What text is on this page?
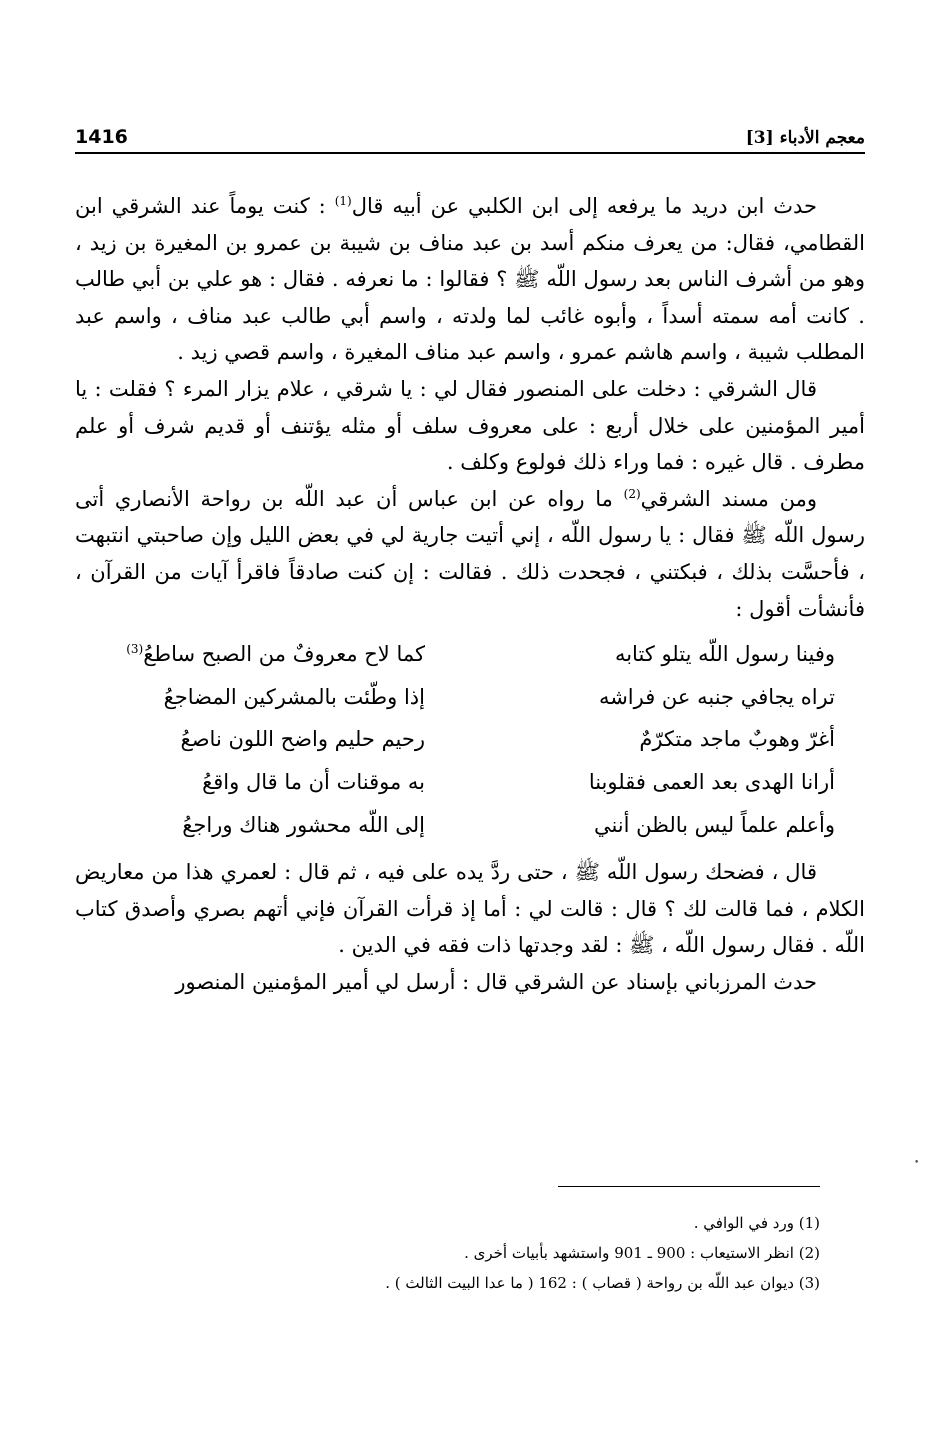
معجم الأدباء [3]
1416

حدث ابن دريد ما يرفعه إلى ابن الكلبي عن أبيه قال$^{(1)}$ : كنت يوماً عند الشرقي ابن القطامي، فقال: من يعرف منكم أسد بن عبد مناف بن شيبة بن عمرو بن المغيرة بن زيد ، وهو من أشرف الناس بعد رسول اللّه ﷺ ؟ فقالوا : ما نعرفه . فقال : هو علي بن أبي طالب . كانت أمه سمته أسداً ، وأبوه غائب لما ولدته ، واسم أبي طالب عبد مناف ، واسم عبد المطلب شيبة ، واسم هاشم عمرو ، واسم عبد مناف المغيرة ، واسم قصي زيد .

قال الشرقي : دخلت على المنصور فقال لي : يا شرقي ، علام يزار المرء ؟ فقلت : يا أمير المؤمنين على خلال أربع : على معروف سلف أو مثله يؤتنف أو قديم شرف أو علم مطرف . قال غيره : فما وراء ذلك فولوع وكلف .

ومن مسند الشرقي$^{(2)}$ ما رواه عن ابن عباس أن عبد اللّه بن رواحة الأنصاري أتى رسول اللّه ﷺ فقال : يا رسول اللّه ، إني أتيت جارية لي في بعض الليل وإن صاحبتي انتبهت ، فأحسَّت بذلك ، فبكتني ، فجحدت ذلك . فقالت : إن كنت صادقاً فاقرأ آيات من القرآن ، فأنشأت أقول :

وفينا رسول اللّه يتلو كتابه
كما لاح معروفٌ من الصبح ساطعُ$^{(3)}$
تراه يجافي جنبه عن فراشه
إذا وطّئت بالمشركين المضاجعُ
أغرّ وهوبٌ ماجد متكرّمٌ
رحيم حليم واضح اللون ناصعُ
أرانا الهدى بعد العمى فقلوبنا
به موقنات أن ما قال واقعُ
وأعلم علماً ليس بالظن أنني
إلى اللّه محشور هناك وراجعُ

قال ، فضحك رسول اللّه ﷺ ، حتى ردَّ يده على فيه ، ثم قال : لعمري هذا من معاريض الكلام ، فما قالت لك ؟ قال : قالت لي : أما إذ قرأت القرآن فإني أتهم بصري وأصدق كتاب اللّه . فقال رسول اللّه ، ﷺ : لقد وجدتها ذات فقه في الدين .

حدث المرزباني بإسناد عن الشرقي قال : أرسل لي أمير المؤمنين المنصور

•
(1) ورد في الوافي .
(2) انظر الاستيعاب : 900 ـ 901 واستشهد بأبيات أخرى .
(3) ديوان عبد اللّه بن رواحة ( قصاب ) : 162 ( ما عدا البيت الثالث ) .
